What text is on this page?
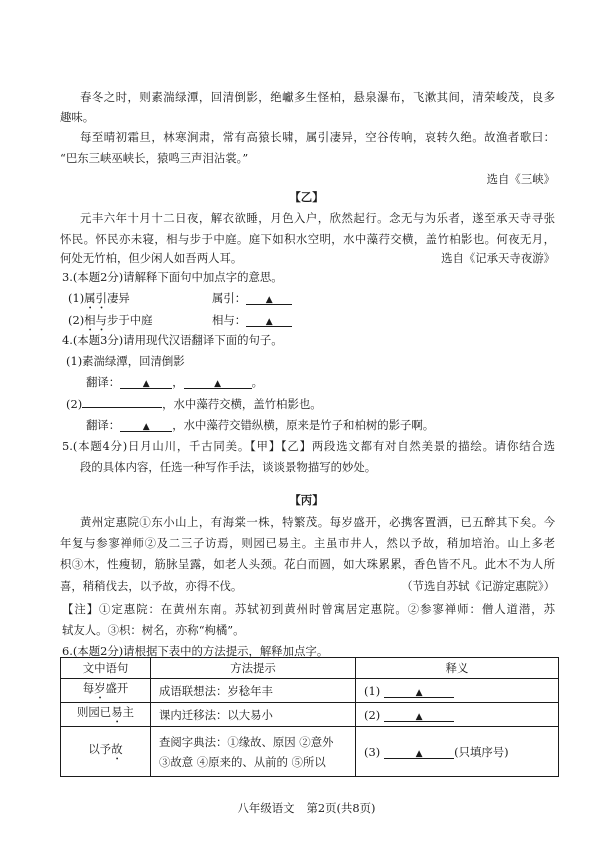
春冬之时，则素湍绿潭，回清倒影，绝巘多生怪柏，悬泉瀑布，飞漱其间，清荣峻茂，良多
趣味。
每至晴初霜旦，林寒涧肃，常有高猿长啸，属引凄异，空谷传响，哀转久绝。故渔者歌曰：
“巴东三峡巫峡长，猿鸣三声泪沾裳。”
选自《三峡》
【乙】
元丰六年十月十二日夜，解衣欲睡，月色入户，欣然起行。念无与为乐者，遂至承天寺寻张
怀民。怀民亦未寝，相与步于中庭。庭下如积水空明，水中藻荇交横，盖竹柏影也。何夜无月，
何处无竹柏，但少闲人如吾两人耳。	选自《记承天寺夜游》
3.(本题2分)请解释下面句中加点字的意思。
(1)属引凄异	属引： ▲
(2)相与步于中庭	相与： ▲
4.(本题3分)请用现代汉语翻译下面的句子。
(1)素湍绿潭，回清倒影
翻译：	▲ ，	▲	。
(2)	，水中藻荇交横，盖竹柏影也。
翻译：	▲ ，水中藻荇交错纵横，原来是竹子和柏树的影子啊。
5.(本题4分)日月山川，千古同美。【甲】【乙】两段选文都有对自然美景的描绘。请你结合选
段的具体内容，任选一种写作手法，谈谈景物描写的妙处。
【丙】
黄州定惠院①东小山上，有海棠一株，特繁茂。每岁盛开，必携客置酒，已五醉其下矣。今
年复与参寥禅师②及二三子访焉，则园已易主。主虽市井人，然以予故，稍加培治。山上多老
枳③木，性瘦韧，筋脉呈露，如老人头颈。花白而圆，如大珠累累，香色皆不凡。此木不为人所
喜，稍稍伐去，以予故，亦得不伐。	（节选自苏轼《记游定惠院》）
【注】①定惠院：在黄州东南。苏轼初到黄州时曾寓居定惠院。②参寥禅师：僧人道潜，苏
轼友人。③枳：树名，亦称“枸橘”。
6.(本题2分)请根据下表中的方法提示，解释加点字。
文中语句	方法提示	释义
每岁盛开	成语联想法：岁稔年丰	(1) ▲
则园已易主	课内迁移法：以大易小	(2) ▲
以予故	查阅字典法：①缘故、原因 ②意外 ③故意 ④原来的、从前的 ⑤所以	(3) ▲ (只填序号)
八年级语文 第2页(共8页)
